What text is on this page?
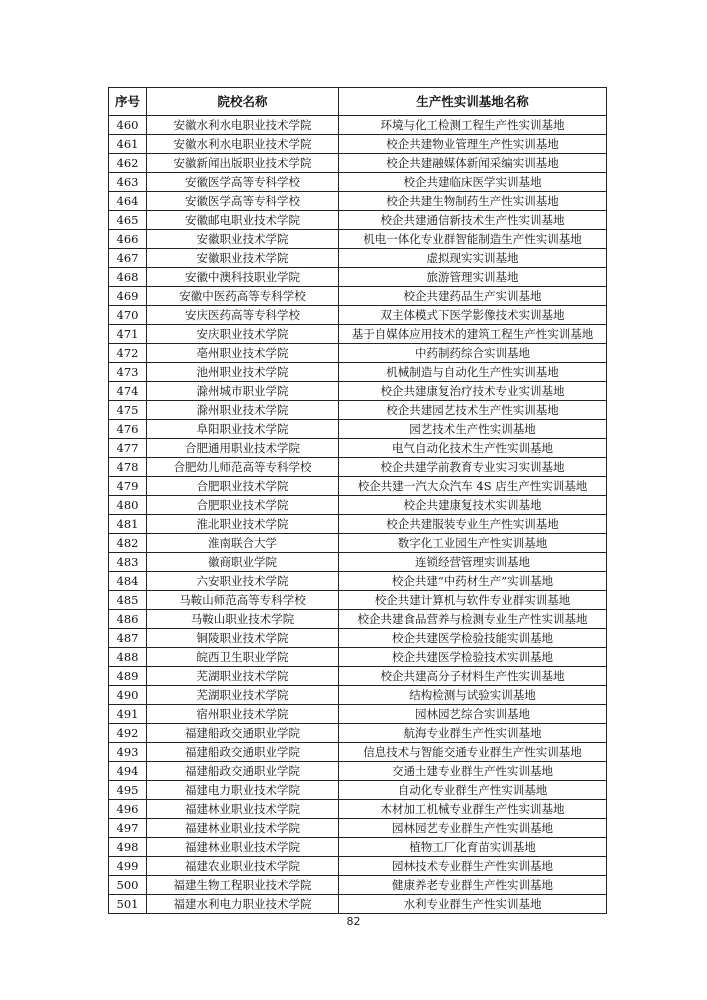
序号	院校名称	生产性实训基地名称
460	安徽水利水电职业技术学院	环境与化工检测工程生产性实训基地
461	安徽水利水电职业技术学院	校企共建物业管理生产性实训基地
462	安徽新闻出版职业技术学院	校企共建融媒体新闻采编实训基地
463	安徽医学高等专科学校	校企共建临床医学实训基地
464	安徽医学高等专科学校	校企共建生物制药生产性实训基地
465	安徽邮电职业技术学院	校企共建通信新技术生产性实训基地
466	安徽职业技术学院	机电一体化专业群智能制造生产性实训基地
467	安徽职业技术学院	虚拟现实实训基地
468	安徽中澳科技职业学院	旅游管理实训基地
469	安徽中医药高等专科学校	校企共建药品生产实训基地
470	安庆医药高等专科学校	双主体模式下医学影像技术实训基地
471	安庆职业技术学院	基于自媒体应用技术的建筑工程生产性实训基地
472	亳州职业技术学院	中药制药综合实训基地
473	池州职业技术学院	机械制造与自动化生产性实训基地
474	滁州城市职业学院	校企共建康复治疗技术专业实训基地
475	滁州职业技术学院	校企共建园艺技术生产性实训基地
476	阜阳职业技术学院	园艺技术生产性实训基地
477	合肥通用职业技术学院	电气自动化技术生产性实训基地
478	合肥幼儿师范高等专科学校	校企共建学前教育专业实习实训基地
479	合肥职业技术学院	校企共建一汽大众汽车 4S 店生产性实训基地
480	合肥职业技术学院	校企共建康复技术实训基地
481	淮北职业技术学院	校企共建服装专业生产性实训基地
482	淮南联合大学	数字化工业园生产性实训基地
483	徽商职业学院	连锁经营管理实训基地
484	六安职业技术学院	校企共建“中药材生产”实训基地
485	马鞍山师范高等专科学校	校企共建计算机与软件专业群实训基地
486	马鞍山职业技术学院	校企共建食品营养与检测专业生产性实训基地
487	铜陵职业技术学院	校企共建医学检验技能实训基地
488	皖西卫生职业学院	校企共建医学检验技术实训基地
489	芜湖职业技术学院	校企共建高分子材料生产性实训基地
490	芜湖职业技术学院	结构检测与试验实训基地
491	宿州职业技术学院	园林园艺综合实训基地
492	福建船政交通职业学院	航海专业群生产性实训基地
493	福建船政交通职业学院	信息技术与智能交通专业群生产性实训基地
494	福建船政交通职业学院	交通土建专业群生产性实训基地
495	福建电力职业技术学院	自动化专业群生产性实训基地
496	福建林业职业技术学院	木材加工机械专业群生产性实训基地
497	福建林业职业技术学院	园林园艺专业群生产性实训基地
498	福建林业职业技术学院	植物工厂化育苗实训基地
499	福建农业职业技术学院	园林技术专业群生产性实训基地
500	福建生物工程职业技术学院	健康养老专业群生产性实训基地
501	福建水利电力职业技术学院	水利专业群生产性实训基地
82
